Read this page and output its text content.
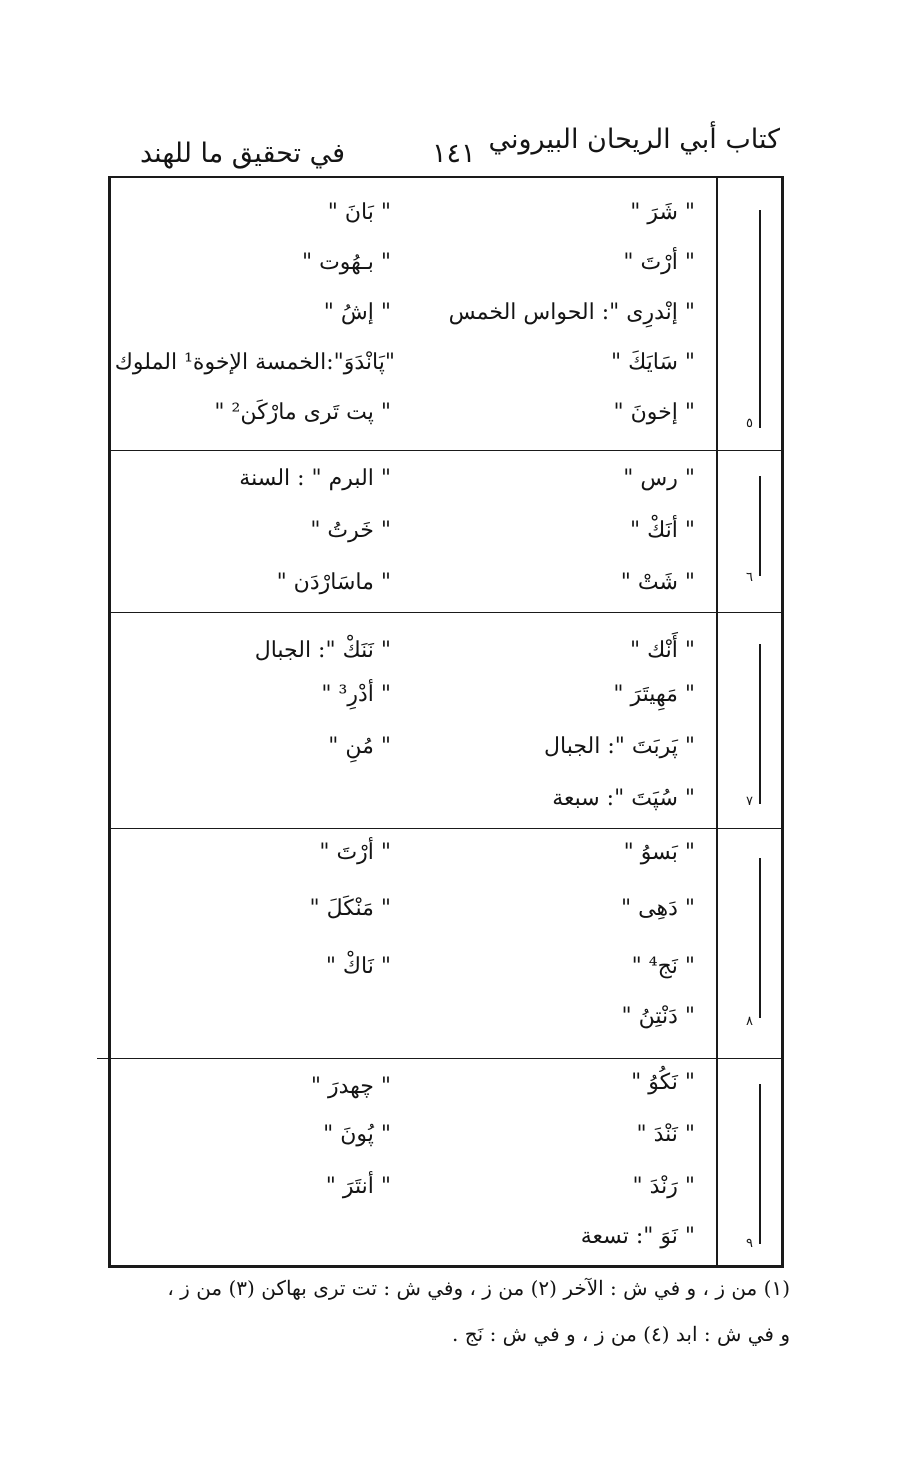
كتاب أبي الريحان البيروني
١٤١
في تحقيق ما للهند
" شَرَ "
" بَانَ "
" أرْتَ "
" بـهُوت "
" إنْدرِى ": الحواس الخمس
" إشُ "
" سَايَكَ "
"پَانْدَوَ":الخمسة الإخوة¹ الملوك
" إخونَ "
" پت تَرى مارْكَن² "
" رس "
" البرم " : السنة
" أنَكْ "
" خَرتُ "
" شَتْ "
" ماسَارْدَن "
" أَنْك "
" نَنَكْ ": الجبال
" مَهِيتَرَ "
" أدْرِ³ "
" پَربَتَ ": الجبال
" مُنِ "
" سُپَتَ ": سبعة
" بَسوُ "
" أرْتَ "
" دَهِى "
" مَنْكَلَ "
" نَج⁴ "
" نَاكْ "
" دَنْتِنُ "
" نَكُوُ "
" چهدرَ "
" نَنْدَ "
" پُونَ "
" رَنْدَ "
" أنتَرَ "
" نَوَ ": تسعة
٥
٦
٧
٨
٩
(١) من ز ، و في ش : الآخر (٢) من ز ، وفي ش : تت ترى بهاكن (٣) من ز ،
و في ش : ابد (٤) من ز ، و في ش : نَج .
